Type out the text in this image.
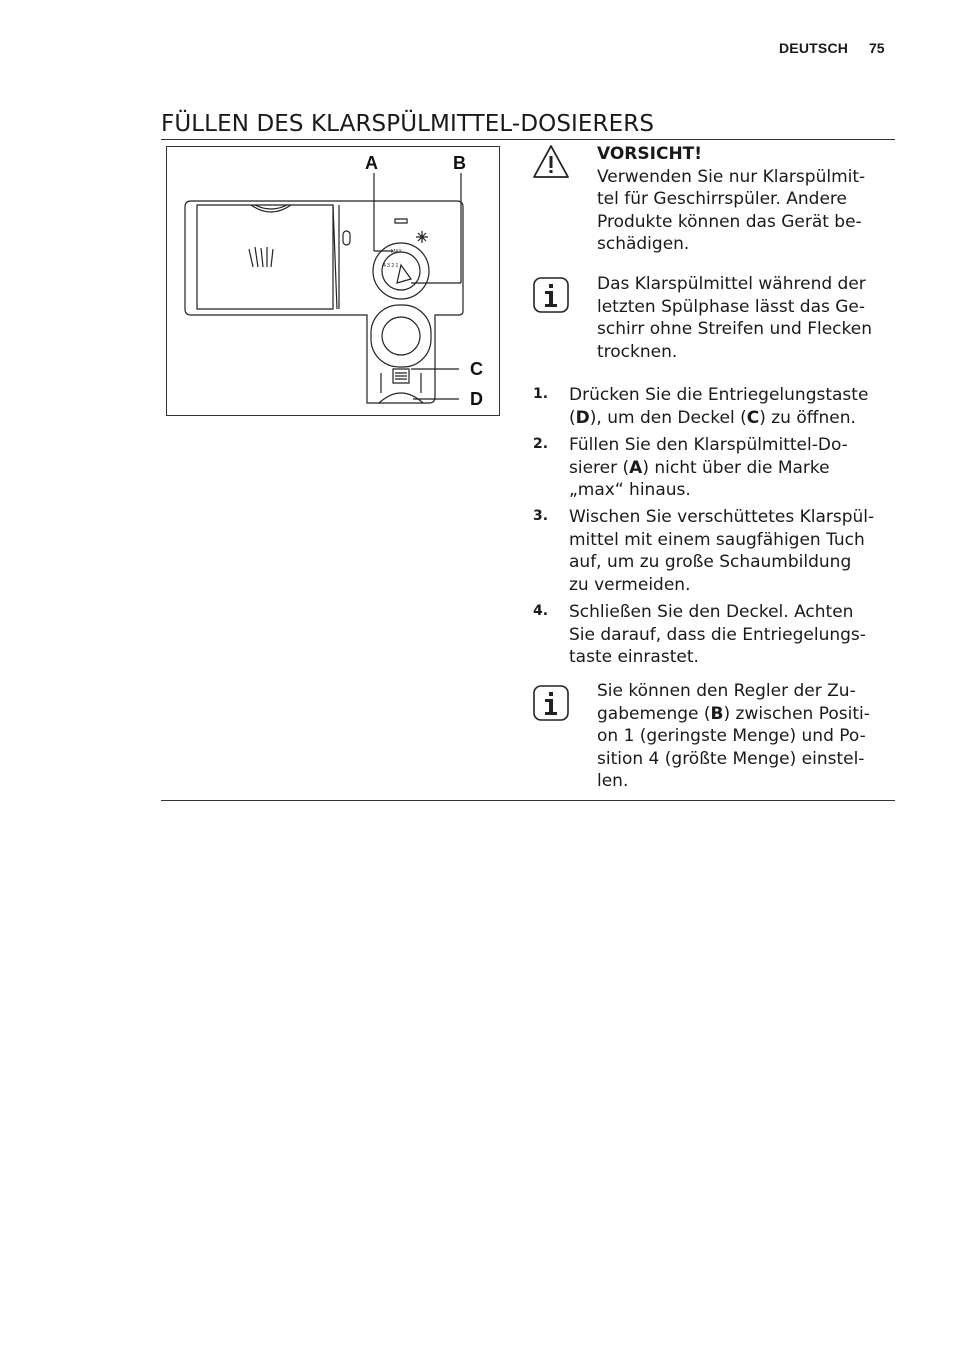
DEUTSCH 75
FÜLLEN DES KLARSPÜLMITTEL-DOSIERERS
MAX
4 3 2 1
A	B
C
D
VORSICHT!
Verwenden Sie nur Klarspülmit-
tel für Geschirrspüler. Andere
Produkte können das Gerät be-
schädigen.
Das Klarspülmittel während der
letzten Spülphase lässt das Ge-
schirr ohne Streifen und Flecken
trocknen.
1. Drücken Sie die Entriegelungstaste
(D), um den Deckel (C) zu öffnen.
2. Füllen Sie den Klarspülmittel-Do-
sierer (A) nicht über die Marke
„max“ hinaus.
3. Wischen Sie verschüttetes Klarspül-
mittel mit einem saugfähigen Tuch
auf, um zu große Schaumbildung
zu vermeiden.
4. Schließen Sie den Deckel. Achten
Sie darauf, dass die Entriegelungs-
taste einrastet.
Sie können den Regler der Zu-
gabemenge (B) zwischen Positi-
on 1 (geringste Menge) und Po-
sition 4 (größte Menge) einstel-
len.
